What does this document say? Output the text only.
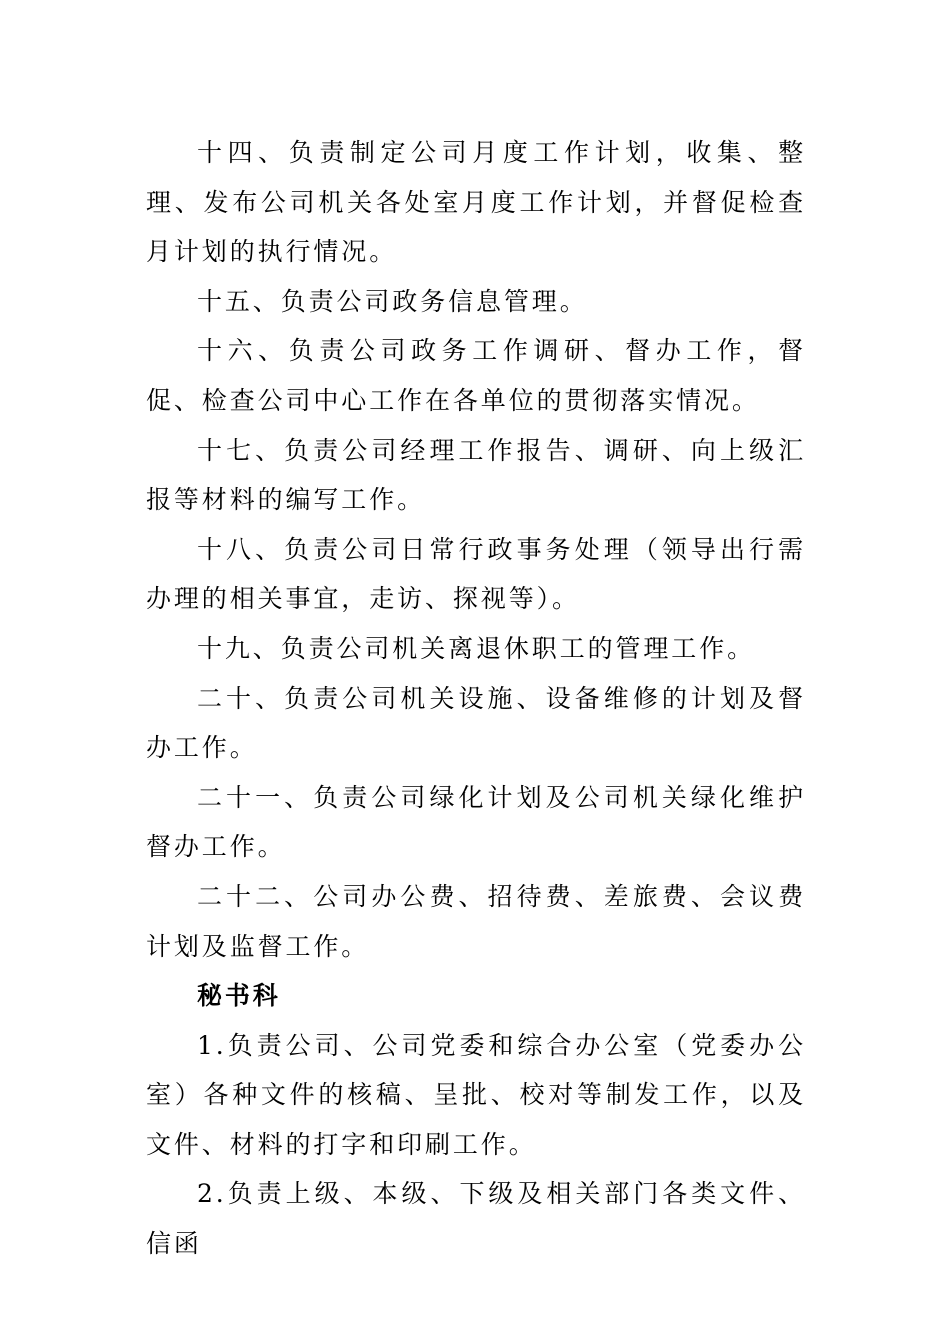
十四、负责制定公司月度工作计划，收集、整理、发布公司机关各处室月度工作计划，并督促检查月计划的执行情况。

十五、负责公司政务信息管理。

十六、负责公司政务工作调研、督办工作，督促、检查公司中心工作在各单位的贯彻落实情况。

十七、负责公司经理工作报告、调研、向上级汇报等材料的编写工作。

十八、负责公司日常行政事务处理（领导出行需办理的相关事宜，走访、探视等）。

十九、负责公司机关离退休职工的管理工作。

二十、负责公司机关设施、设备维修的计划及督办工作。

二十一、负责公司绿化计划及公司机关绿化维护督办工作。

二十二、公司办公费、招待费、差旅费、会议费计划及监督工作。

秘书科

1.负责公司、公司党委和综合办公室（党委办公室）各种文件的核稿、呈批、校对等制发工作，以及文件、材料的打字和印刷工作。

2.负责上级、本级、下级及相关部门各类文件、信函
